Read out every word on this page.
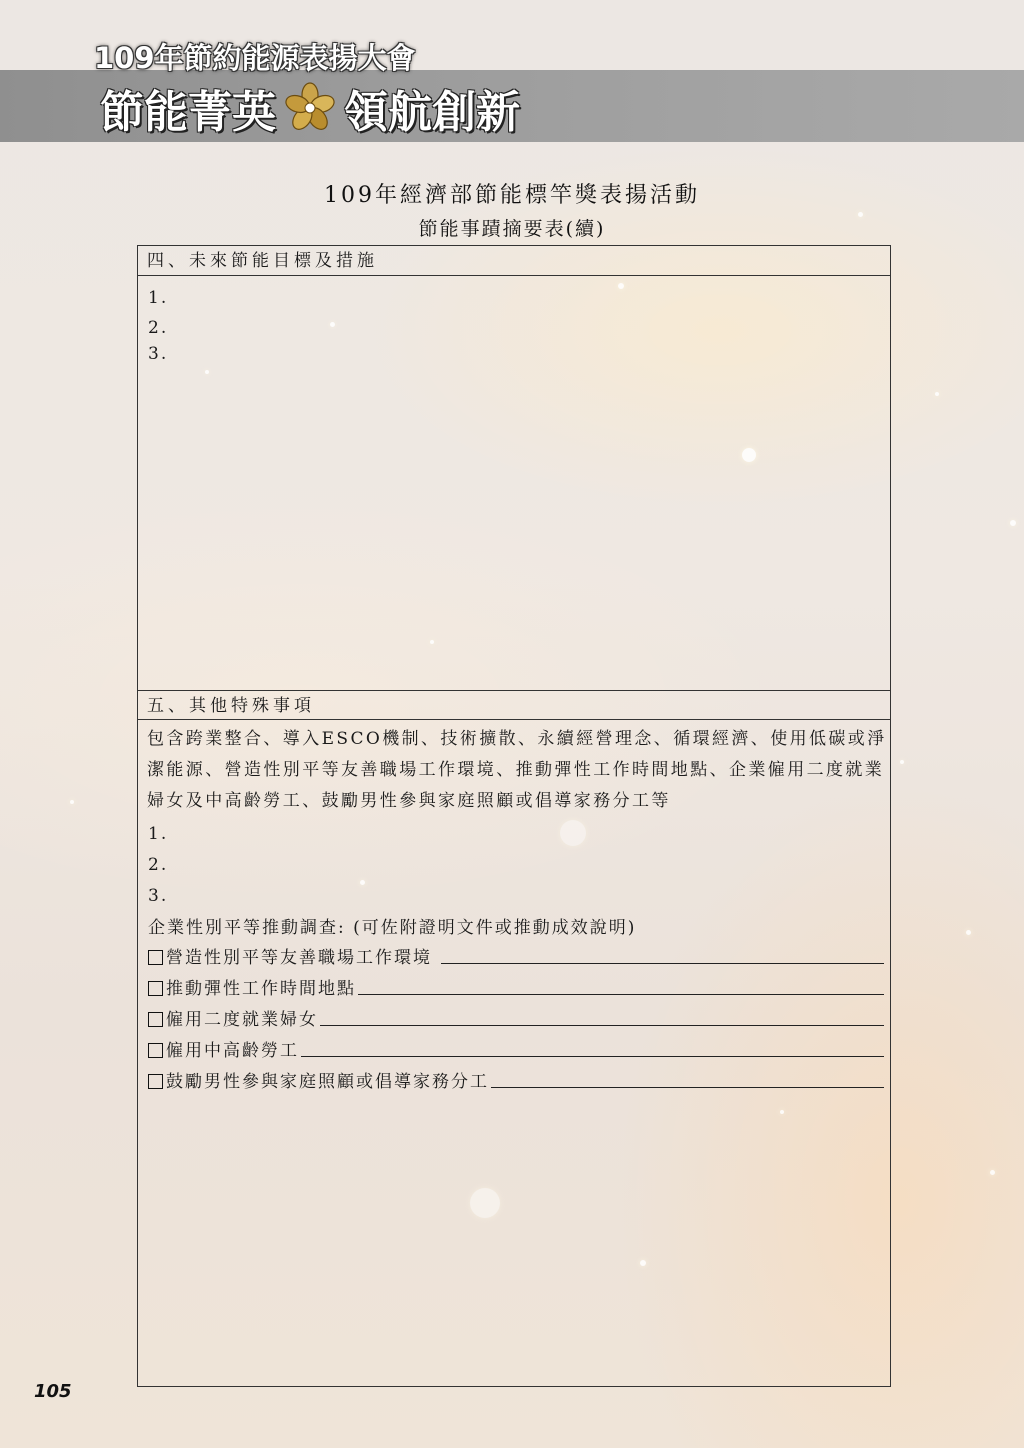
109年節約能源表揚大會
節能菁英 領航創新
109年經濟部節能標竿獎表揚活動
節能事蹟摘要表(續)
四、未來節能目標及措施
1.
2.
3.
五、其他特殊事項
包含跨業整合、導入ESCO機制、技術擴散、永續經營理念、循環經濟、使用低碳或淨潔能源、營造性別平等友善職場工作環境、推動彈性工作時間地點、企業僱用二度就業婦女及中高齡勞工、鼓勵男性參與家庭照顧或倡導家務分工等
1.
2.
3.
企業性別平等推動調查: (可佐附證明文件或推動成效說明)
營造性別平等友善職場工作環境
推動彈性工作時間地點
僱用二度就業婦女
僱用中高齡勞工
鼓勵男性參與家庭照顧或倡導家務分工
105
